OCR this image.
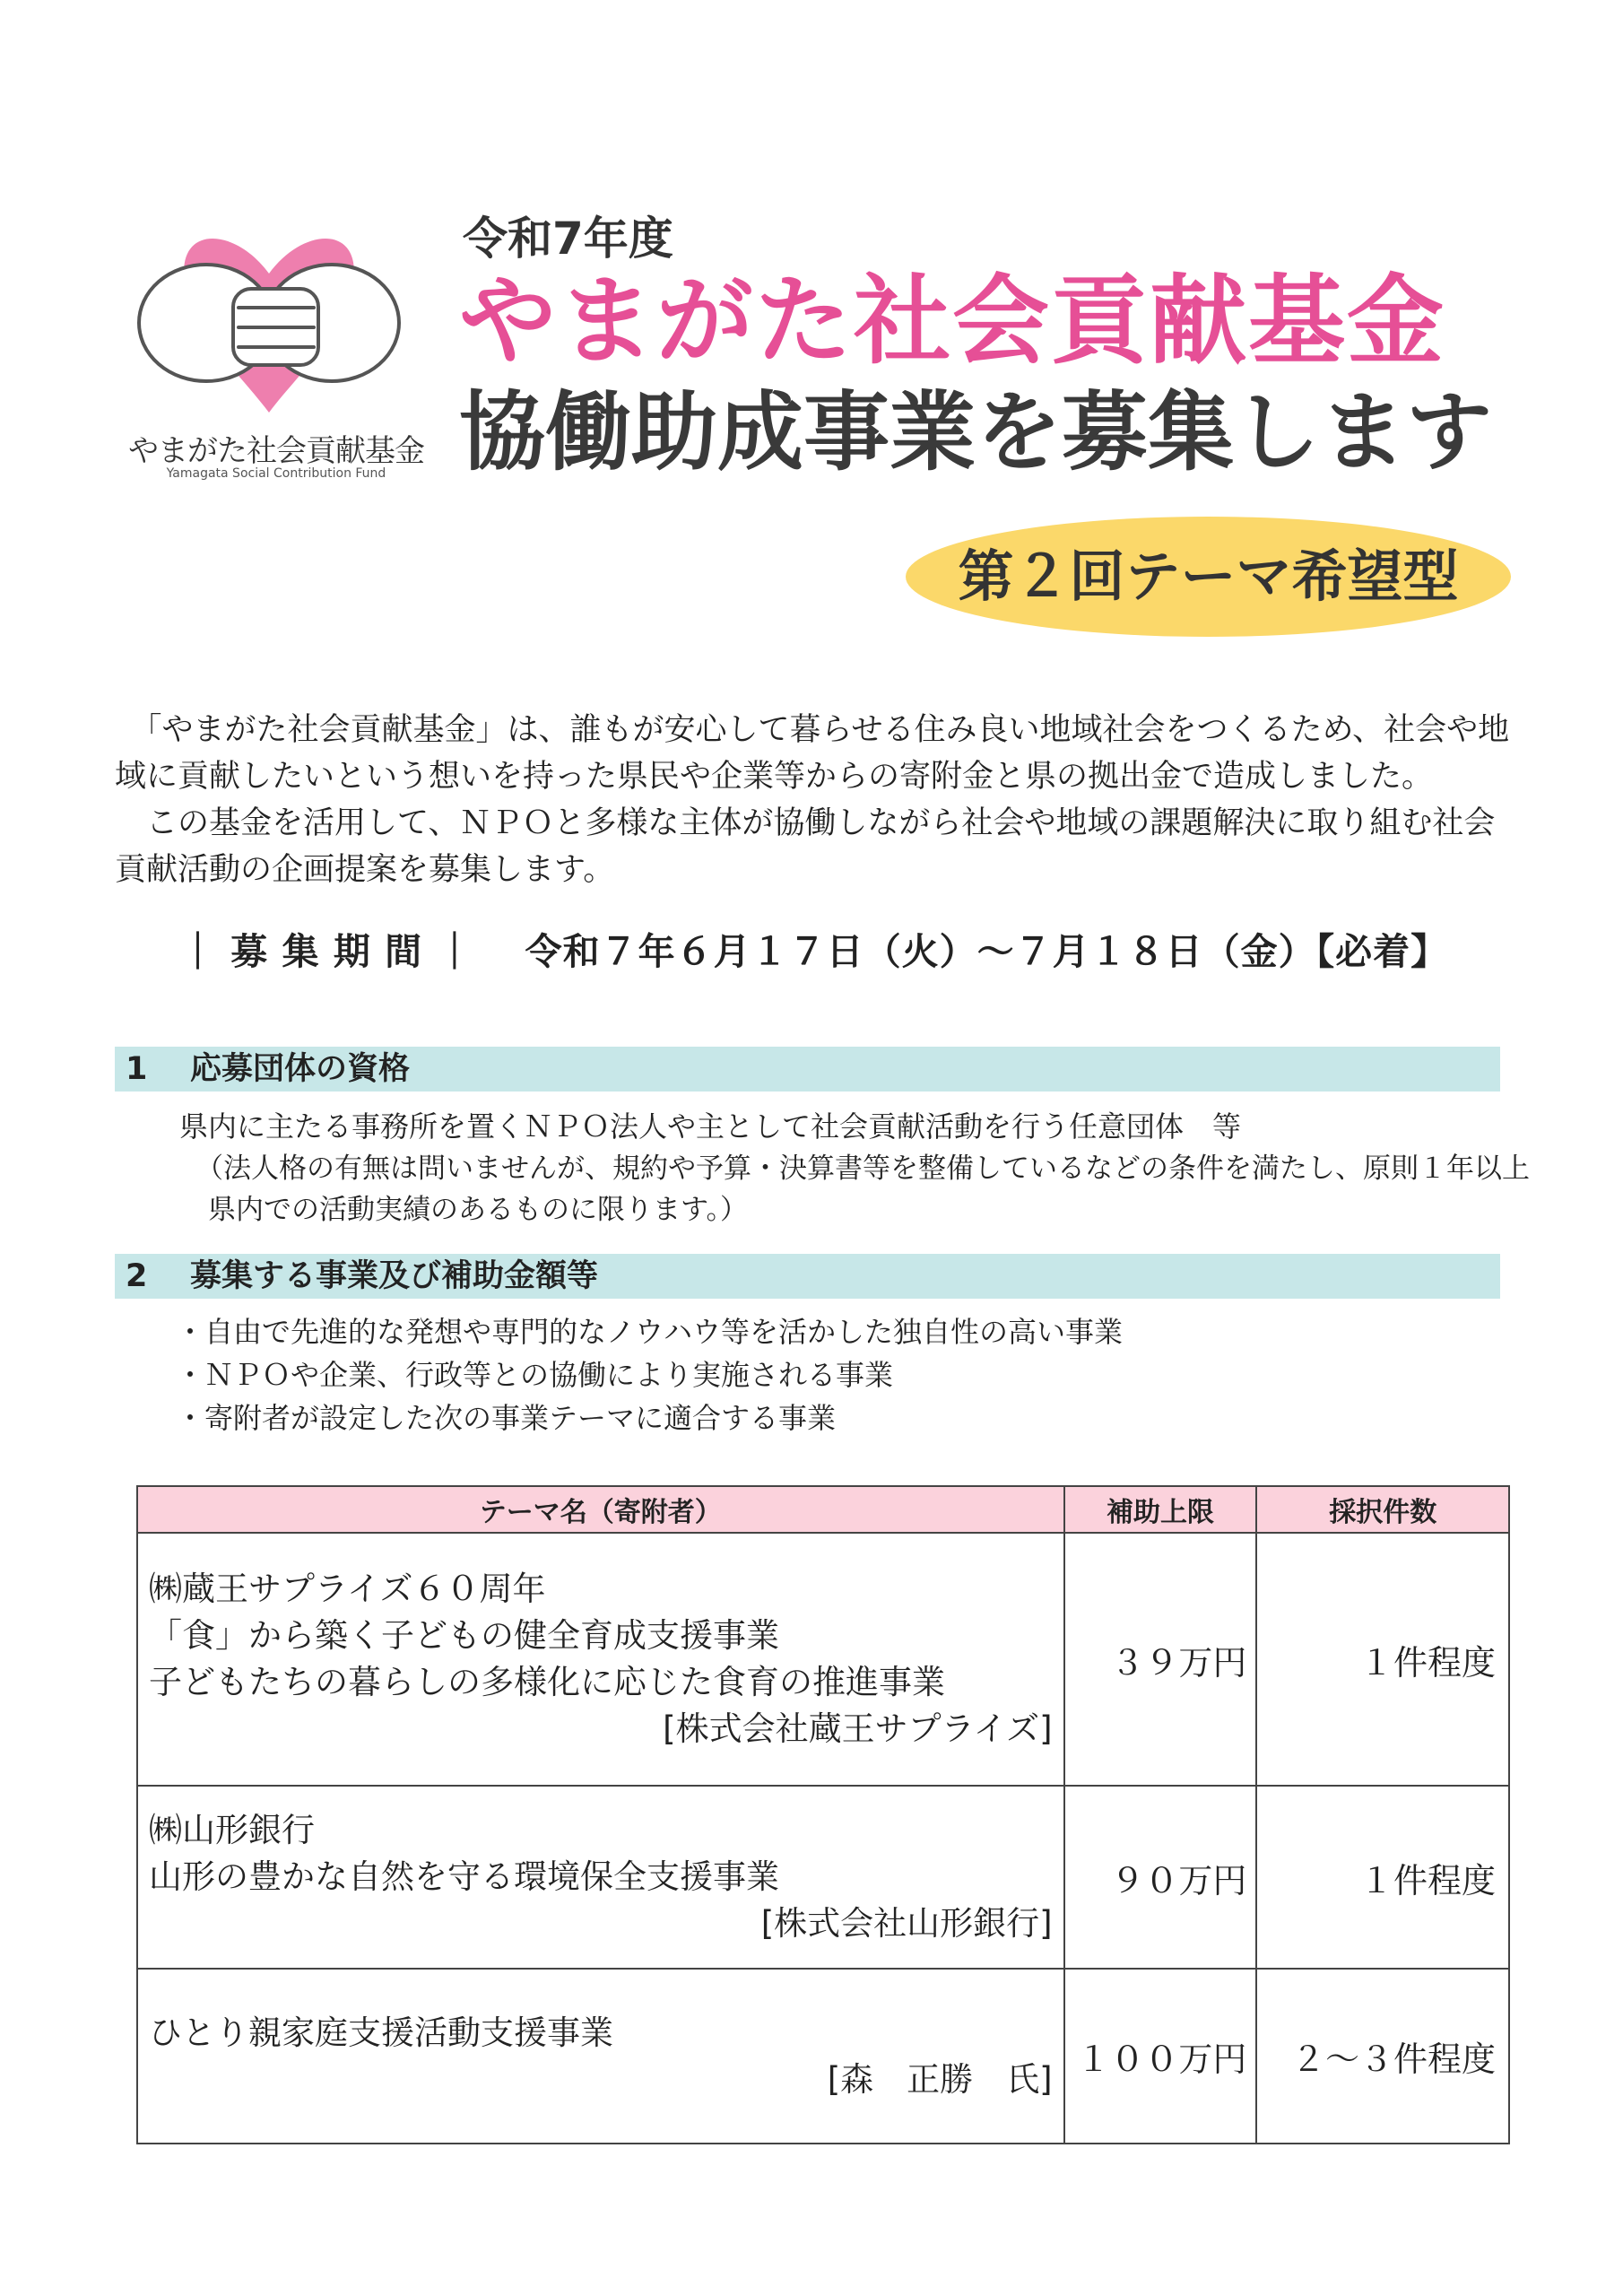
やまがた社会貢献基金
Yamagata Social Contribution Fund
令和7年度
やまがた社会貢献基金
協働助成事業を募集します
第２回テーマ希望型
　「やまがた社会貢献基金」は、誰もが安心して暮らせる住み良い地域社会をつくるため、社会や地域に貢献したいという想いを持った県民や企業等からの寄附金と県の拠出金で造成しました。
　この基金を活用して、ＮＰＯと多様な主体が協働しながら社会や地域の課題解決に取り組む社会貢献活動の企画提案を募集します。
｜ 募 集 期 間 ｜　 令和７年６月１７日（火）～７月１８日（金）【必着】
1 応募団体の資格
県内に主たる事務所を置くＮＰＯ法人や主として社会貢献活動を行う任意団体　等
（法人格の有無は問いませんが、規約や予算・決算書等を整備しているなどの条件を満たし、原則１年以上
県内での活動実績のあるものに限ります。）
2 募集する事業及び補助金額等
・自由で先進的な発想や専門的なノウハウ等を活かした独自性の高い事業
・ＮＰＯや企業、行政等との協働により実施される事業
・寄附者が設定した次の事業テーマに適合する事業
テーマ名（寄附者）	補助上限	採択件数

㈱蔵王サプライズ６０周年
「食」から築く子どもの健全育成支援事業
子どもたちの暮らしの多様化に応じた食育の推進事業
[株式会社蔵王サプライズ]	３９万円	１件程度

㈱山形銀行
山形の豊かな自然を守る環境保全支援事業
[株式会社山形銀行]	９０万円	１件程度

ひとり親家庭支援活動支援事業
[森　正勝　氏]	１００万円	２～３件程度
